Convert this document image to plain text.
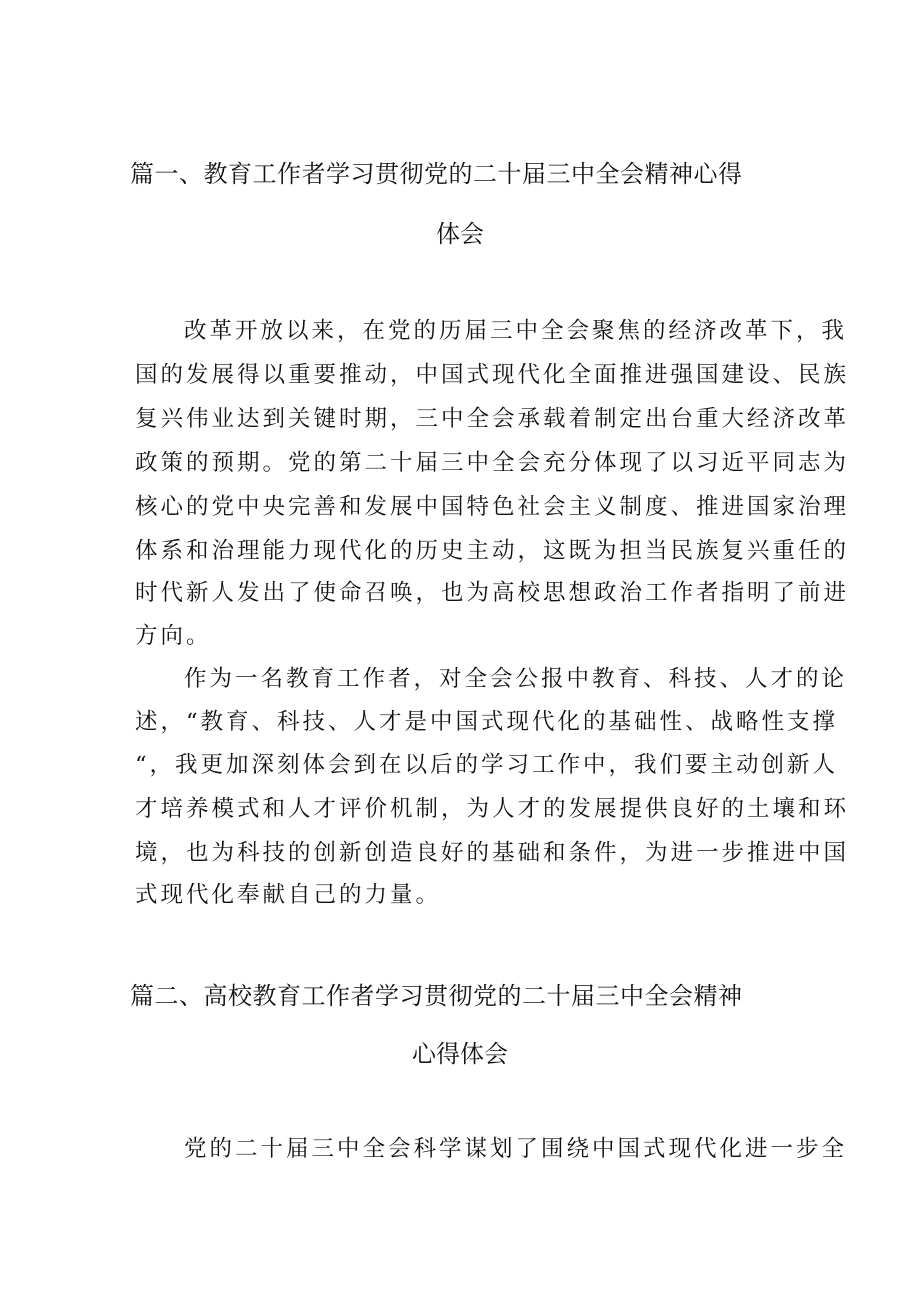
篇一、教育工作者学习贯彻党的二十届三中全会精神心得
体会
改革开放以来，在党的历届三中全会聚焦的经济改革下，我
国的发展得以重要推动，中国式现代化全面推进强国建设、民族
复兴伟业达到关键时期，三中全会承载着制定出台重大经济改革
政策的预期。党的第二十届三中全会充分体现了以习近平同志为
核心的党中央完善和发展中国特色社会主义制度、推进国家治理
体系和治理能力现代化的历史主动，这既为担当民族复兴重任的
时代新人发出了使命召唤，也为高校思想政治工作者指明了前进
方向。
作为一名教育工作者，对全会公报中教育、科技、人才的论
述，“教育、科技、人才是中国式现代化的基础性、战略性支撑
“，我更加深刻体会到在以后的学习工作中，我们要主动创新人
才培养模式和人才评价机制，为人才的发展提供良好的土壤和环
境，也为科技的创新创造良好的基础和条件，为进一步推进中国
式现代化奉献自己的力量。
篇二、高校教育工作者学习贯彻党的二十届三中全会精神
心得体会
党的二十届三中全会科学谋划了围绕中国式现代化进一步全
